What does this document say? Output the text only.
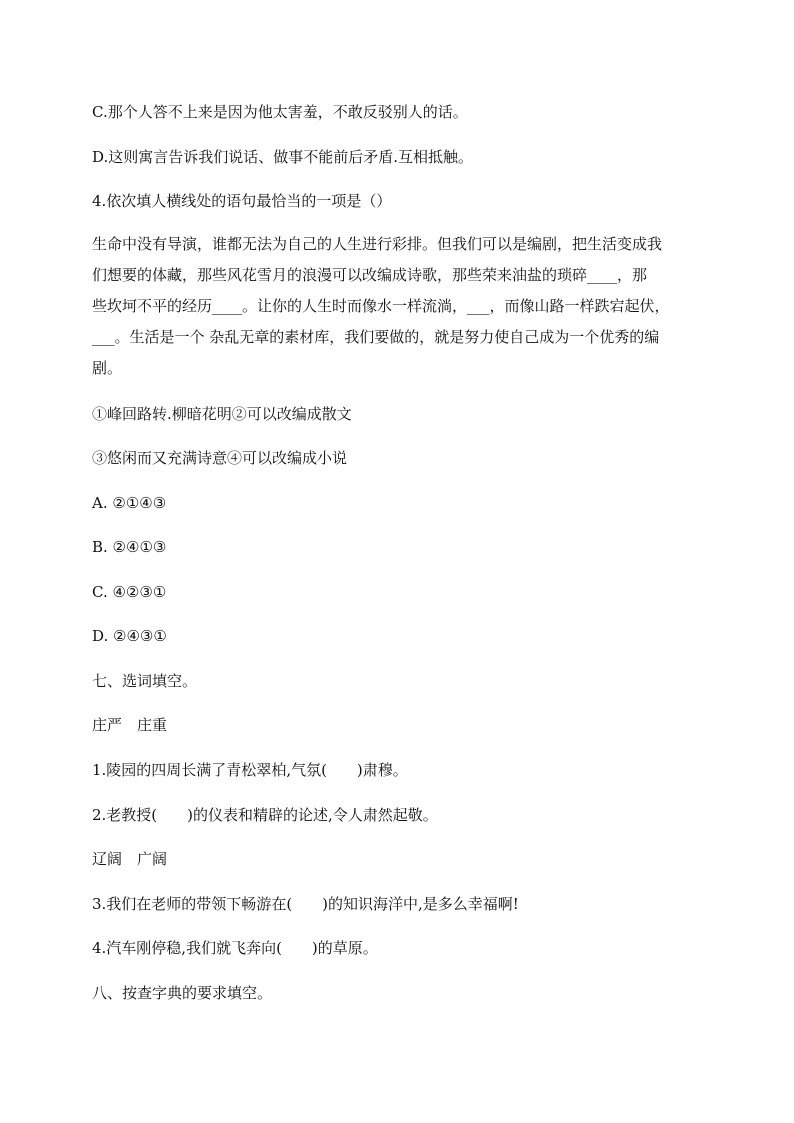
C.那个人答不上来是因为他太害羞，不敢反驳别人的话。
D.这则寓言告诉我们说话、做事不能前后矛盾.互相抵触。
4.依次填人横线处的语句最恰当的一项是（）
生命中没有导演，谁都无法为自己的人生进行彩排。但我们可以是编剧，把生活变成我
们想要的体藏，那些风花雪月的浪漫可以改编成诗歌，那些荣来油盐的琐碎____，那
些坎坷不平的经历____。让你的人生时而像水一样流淌，___，而像山路一样跌宕起伏，
___。生活是一个 杂乱无章的素材库，我们要做的，就是努力使自己成为一个优秀的编
剧。
①峰回路转.柳暗花明②可以改编成散文
③悠闲而又充满诗意④可以改编成小说
A. ②①④③
B. ②④①③
C. ④②③①
D. ②④③①
七、选词填空。
庄严　庄重
1.陵园的四周长满了青松翠柏,气氛(　　)肃穆。
2.老教授(　　)的仪表和精辟的论述,令人肃然起敬。
辽阔　广阔
3.我们在老师的带领下畅游在(　　)的知识海洋中,是多么幸福啊!
4.汽车刚停稳,我们就飞奔向(　　)的草原。
八、按查字典的要求填空。
